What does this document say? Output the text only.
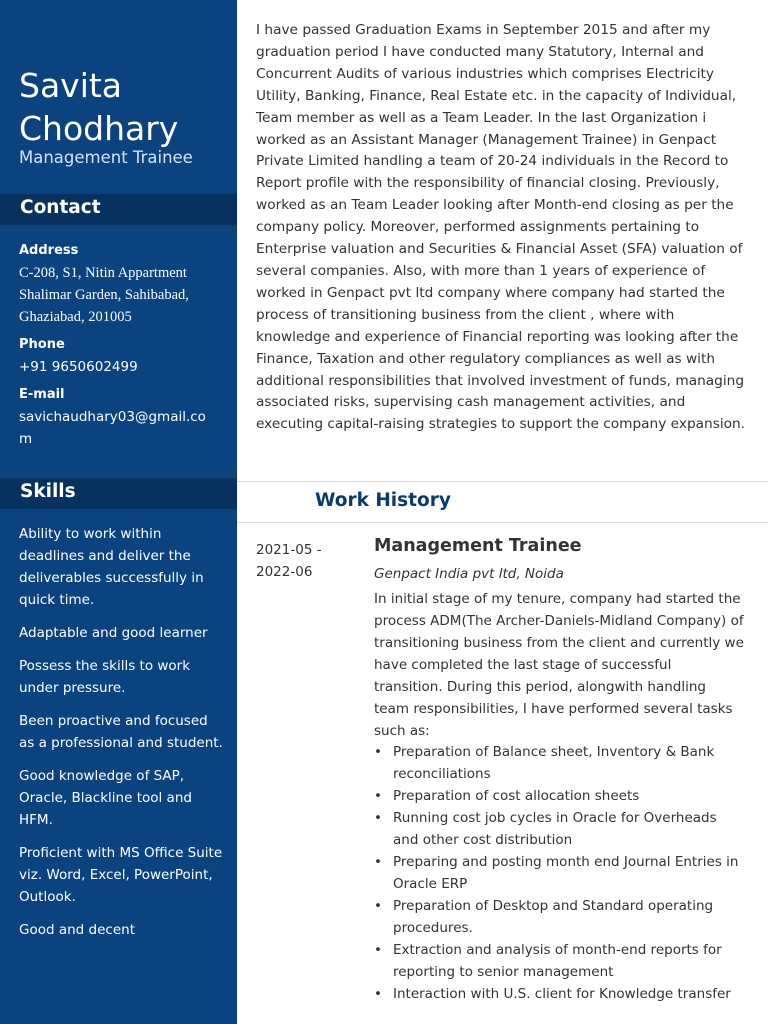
Savita
Chodhary
Management Trainee
Contact
Address
C-208, S1, Nitin Appartment
Shalimar Garden, Sahibabad,
Ghaziabad, 201005
Phone
+91 9650602499
E-mail
savichaudhary03@gmail.com
Skills
Ability to work within deadlines and deliver the deliverables successfully in quick time.
Adaptable and good learner
Possess the skills to work under pressure.
Been proactive and focused as a professional and student.
Good knowledge of SAP, Oracle, Blackline tool and HFM.
Proficient with MS Office Suite viz. Word, Excel, PowerPoint, Outlook.
Good and decent
I have passed Graduation Exams in September 2015 and after my graduation period I have conducted many Statutory, Internal and Concurrent Audits of various industries which comprises Electricity Utility, Banking, Finance, Real Estate etc. in the capacity of Individual, Team member as well as a Team Leader. In the last Organization i worked as an Assistant Manager (Management Trainee) in Genpact Private Limited handling a team of 20-24 individuals in the Record to Report profile with the responsibility of financial closing. Previously, worked as an Team Leader looking after Month-end closing as per the company policy. Moreover, performed assignments pertaining to Enterprise valuation and Securities & Financial Asset (SFA) valuation of several companies. Also, with more than 1 years of experience of worked in Genpact pvt ltd company where company had started the process of transitioning business from the client , where with knowledge and experience of Financial reporting was looking after the Finance, Taxation and other regulatory compliances as well as with additional responsibilities that involved investment of funds, managing associated risks, supervising cash management activities, and executing capital-raising strategies to support the company expansion.
Work History
2021-05 -
2022-06
Management Trainee
Genpact India pvt ltd, Noida
In initial stage of my tenure, company had started the process ADM(The Archer-Daniels-Midland Company) of transitioning business from the client and currently we have completed the last stage of successful transition. During this period, alongwith handling team responsibilities, I have performed several tasks such as:
• Preparation of Balance sheet, Inventory & Bank reconciliations
• Preparation of cost allocation sheets
• Running cost job cycles in Oracle for Overheads and other cost distribution
• Preparing and posting month end Journal Entries in Oracle ERP
• Preparation of Desktop and Standard operating procedures.
• Extraction and analysis of month-end reports for reporting to senior management
• Interaction with U.S. client for Knowledge transfer
